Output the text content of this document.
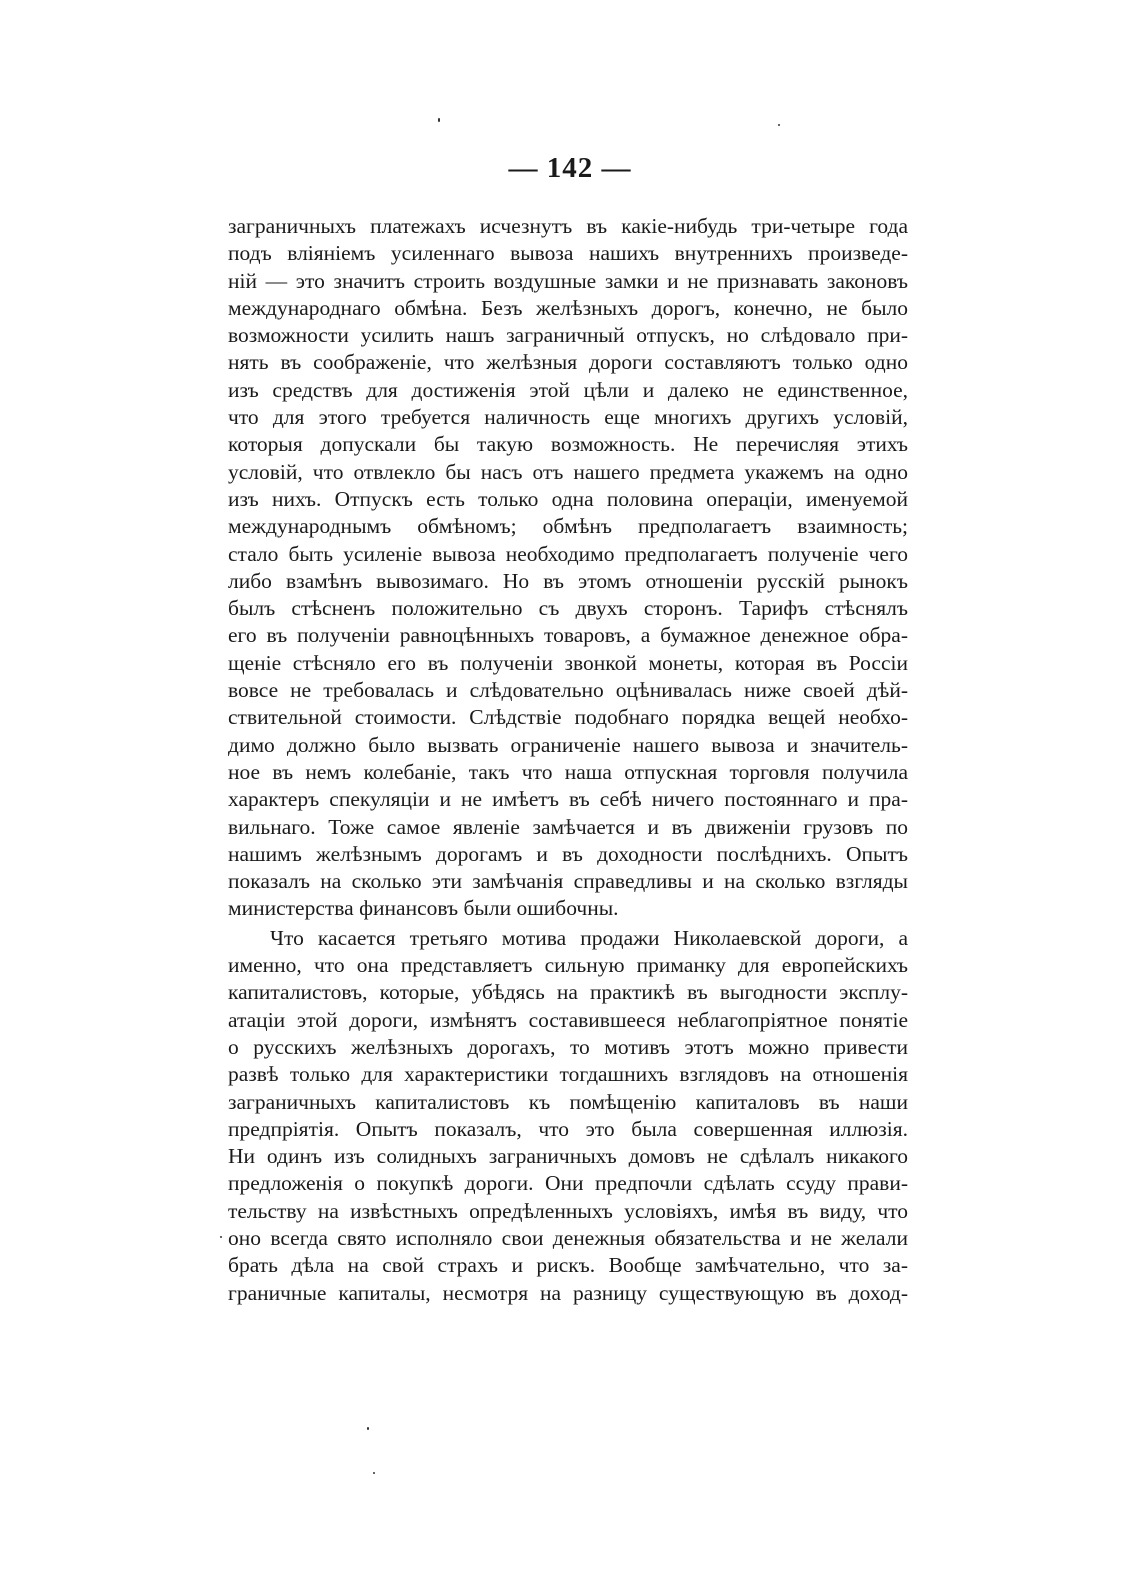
— 142 —
заграничныхъ платежахъ исчезнутъ въ какіе-нибудь три-четыре года
подъ вліяніемъ усиленнаго вывоза нашихъ внутреннихъ произведе-
ній — это значитъ строить воздушные замки и не признавать законовъ
международнаго обмѣна. Безъ желѣзныхъ дорогъ, конечно, не было
возможности усилить нашъ заграничный отпускъ, но слѣдовало при-
нять въ соображеніе, что желѣзныя дороги составляютъ только одно
изъ средствъ для достиженія этой цѣли и далеко не единственное,
что для этого требуется наличность еще многихъ другихъ условій,
которыя допускали бы такую возможность. Не перечисляя этихъ
условій, что отвлекло бы насъ отъ нашего предмета укажемъ на одно
изъ нихъ. Отпускъ есть только одна половина операціи, именуемой
международнымъ обмѣномъ; обмѣнъ предполагаетъ взаимность;
стало быть усиленіе вывоза необходимо предполагаетъ полученіе чего
либо взамѣнъ вывозимаго. Но въ этомъ отношеніи русскій рынокъ
былъ стѣсненъ положительно съ двухъ сторонъ. Тарифъ стѣснялъ
его въ полученіи равноцѣнныхъ товаровъ, а бумажное денежное обра-
щеніе стѣсняло его въ полученіи звонкой монеты, которая въ Россіи
вовсе не требовалась и слѣдовательно оцѣнивалась ниже своей дѣй-
ствительной стоимости. Слѣдствіе подобнаго порядка вещей необхо-
димо должно было вызвать ограниченіе нашего вывоза и значитель-
ное въ немъ колебаніе, такъ что наша отпускная торговля получила
характеръ спекуляціи и не имѣетъ въ себѣ ничего постояннаго и пра-
вильнаго. Тоже самое явленіе замѣчается и въ движеніи грузовъ по
нашимъ желѣзнымъ дорогамъ и въ доходности послѣднихъ. Опытъ
показалъ на сколько эти замѣчанія справедливы и на сколько взгляды
министерства финансовъ были ошибочны.
Что касается третьяго мотива продажи Николаевской дороги, а
именно, что она представляетъ сильную приманку для европейскихъ
капиталистовъ, которые, убѣдясь на практикѣ въ выгодности эксплу-
атаціи этой дороги, измѣнятъ составившееся неблагопріятное понятіе
о русскихъ желѣзныхъ дорогахъ, то мотивъ этотъ можно привести
развѣ только для характеристики тогдашнихъ взглядовъ на отношенія
заграничныхъ капиталистовъ къ помѣщенію капиталовъ въ наши
предпріятія. Опытъ показалъ, что это была совершенная иллюзія.
Ни одинъ изъ солидныхъ заграничныхъ домовъ не сдѣлалъ никакого
предложенія о покупкѣ дороги. Они предпочли сдѣлать ссуду прави-
тельству на извѣстныхъ опредѣленныхъ условіяхъ, имѣя въ виду, что
оно всегда свято исполняло свои денежныя обязательства и не желали
брать дѣла на свой страхъ и рискъ. Вообще замѣчательно, что за-
граничные капиталы, несмотря на разницу существующую въ доход-
